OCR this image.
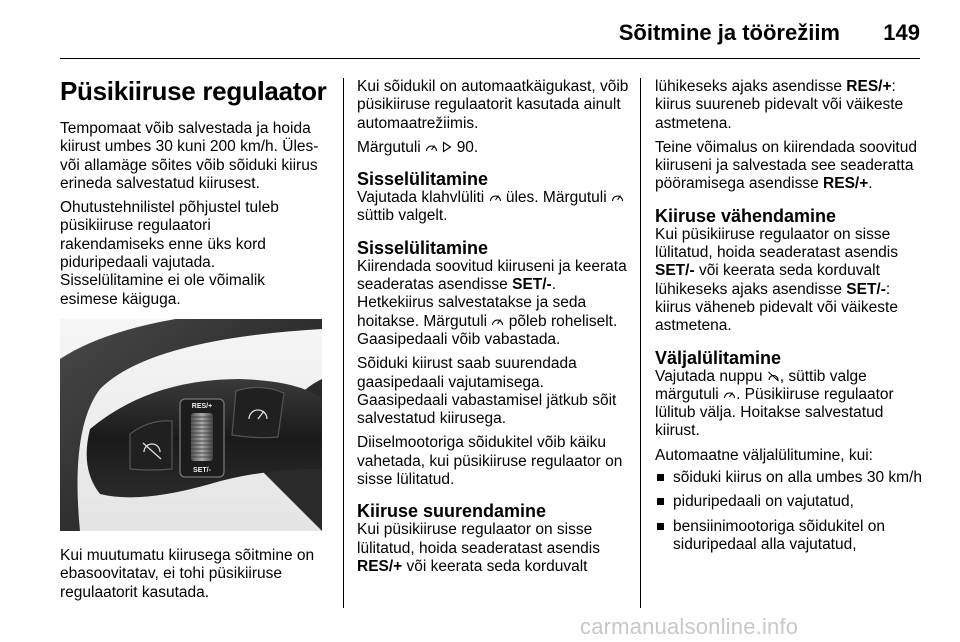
Sõitmine ja töörežiim 149
Püsikiiruse regulaator

Tempomaat võib salvestada ja hoida kiirust umbes 30 kuni 200 km/h. Üles- või allamäge sõites võib sõiduki kiirus erineda salvestatud kiirusest.

Ohutustehnilistel põhjustel tuleb
püsikiiruse regulaatori
rakendamiseks enne üks kord
piduripedaali vajutada.
Sisselülitamine ei ole võimalik
esimese käiguga.

RES/+
SET/-

Kui muutumatu kiirusega sõitmine on ebasoovitatav, ei tohi püsikiiruse regulaatorit kasutada.

Kui sõidukil on automaatkäigukast, võib püsikiiruse regulaatorit kasutada ainult automaatrežiimis.

Märgutuli 90.

Sisselülitamine

Vajutada klahvlüliti üles. Märgutuli  süttib valgelt.

Sisselülitamine

Kiirendada soovitud kiiruseni ja keerata seaderatas asendisse SET/-. Hetkekiirus salvestatakse ja seda hoitakse. Märgutuli põleb roheliselt. Gaasipedaali võib vabastada.

Sõiduki kiirust saab suurendada gaasipedaali vajutamisega. Gaasipedaali vabastamisel jätkub sõit salvestatud kiirusega.

Diiselmootoriga sõidukitel võib käiku vahetada, kui püsikiiruse regulaator on sisse lülitatud.

Kiiruse suurendamine

Kui püsikiiruse regulaator on sisse lülitatud, hoida seaderatast asendis RES/+ või keerata seda korduvalt

lühikeseks ajaks asendisse RES/+: kiirus suureneb pidevalt või väikeste astmetena.

Teine võimalus on kiirendada soovitud kiiruseni ja salvestada see seaderatta pööramisega asendisse RES/+.

Kiiruse vähendamine

Kui püsikiiruse regulaator on sisse lülitatud, hoida seaderatast asendis SET/- või keerata seda korduvalt lühikeseks ajaks asendisse SET/-: kiirus väheneb pidevalt või väikeste astmetena.

Väljalülitamine

Vajutada nuppu , süttib valge märgutuli . Püsikiiruse regulaator lülitub välja. Hoitakse salvestatud kiirust.

Automaatne väljalülitumine, kui:

sõiduki kiirus on alla umbes 30 km/h
piduripedaali on vajutatud,
bensiinimootoriga sõidukitel on siduripedaal alla vajutatud,
carmanualsonline.info
